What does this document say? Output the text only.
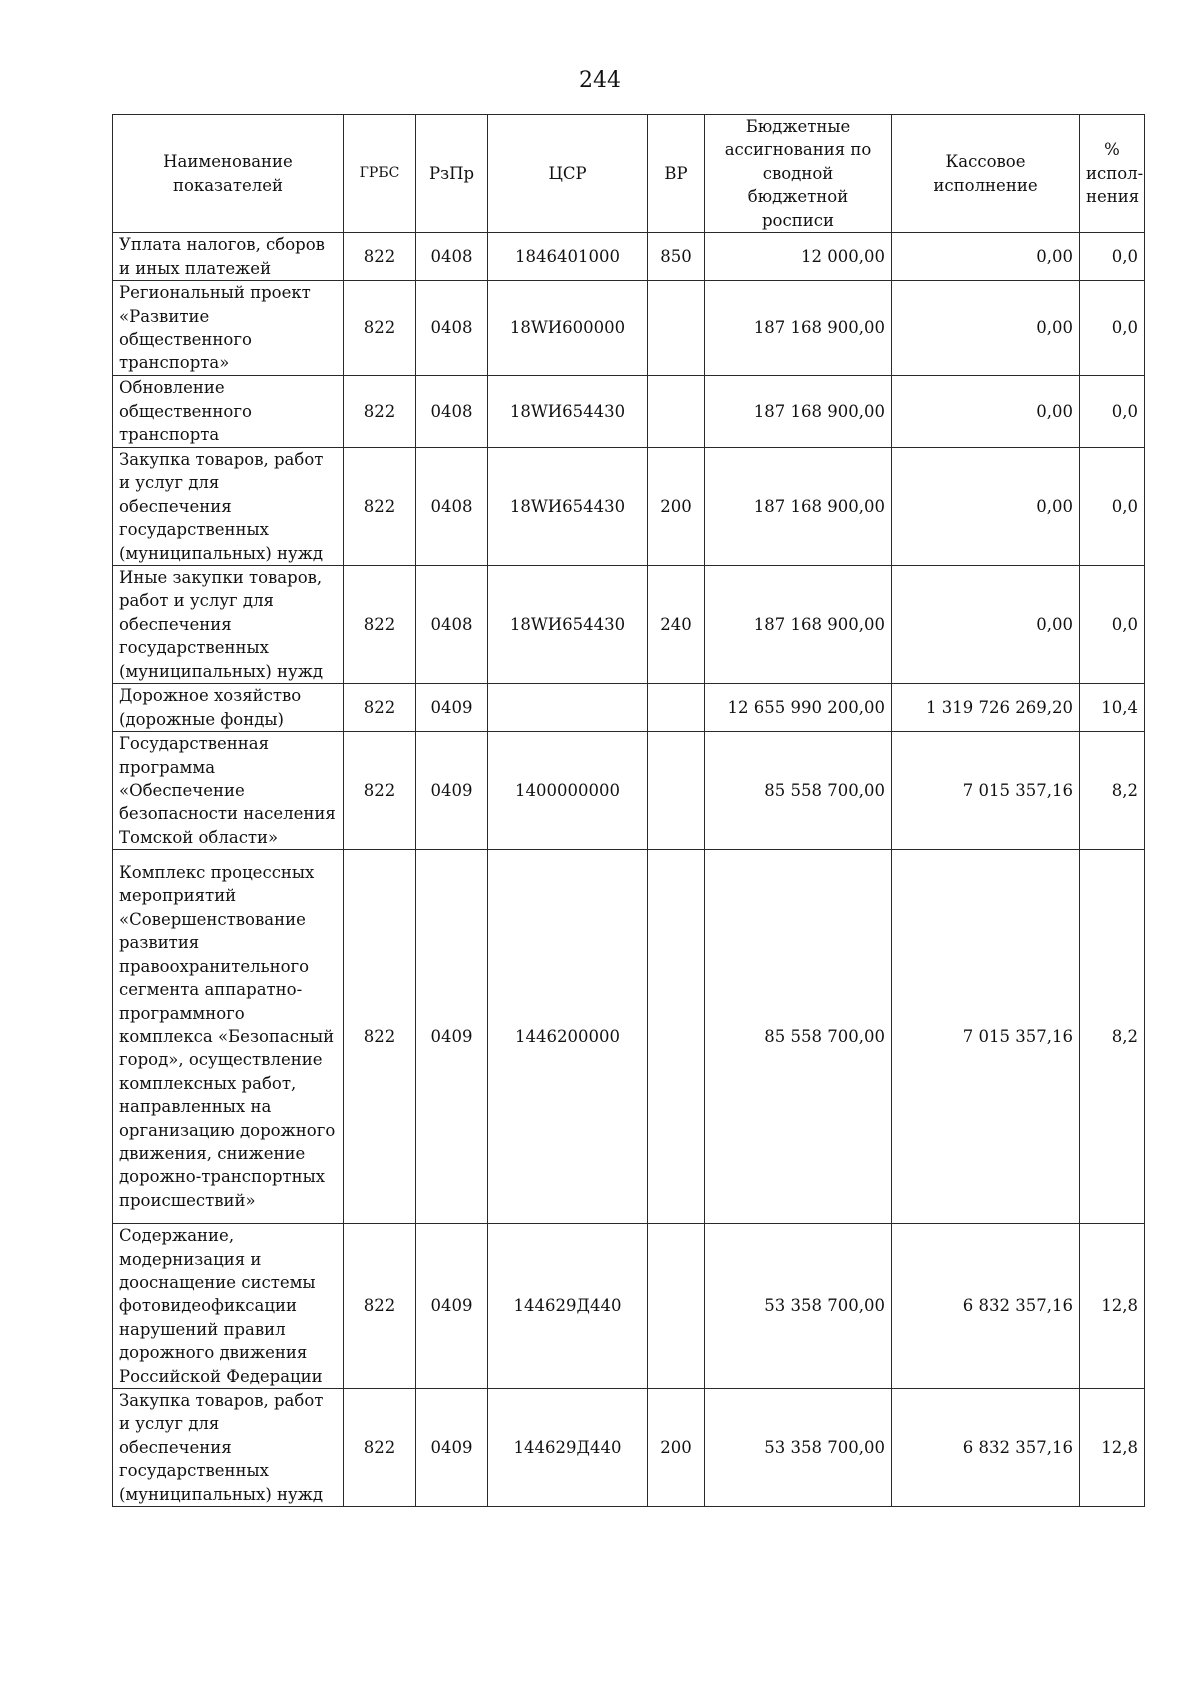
244
Наименование показателей	ГРБС	РзПр	ЦСР	ВР	Бюджетные ассигнования по сводной бюджетной росписи	Кассовое исполнение	%
испол-нения
Уплата налогов, сборов и иных платежей	822	0408	1846401000	850	12 000,00	0,00	0,0
Региональный проект «Развитие общественного транспорта»	822	0408	18WИ600000		187 168 900,00	0,00	0,0
Обновление общественного транспорта	822	0408	18WИ654430		187 168 900,00	0,00	0,0
Закупка товаров, работ и услуг для обеспечения государственных (муниципальных) нужд	822	0408	18WИ654430	200	187 168 900,00	0,00	0,0
Иные закупки товаров, работ и услуг для обеспечения государственных (муниципальных) нужд	822	0408	18WИ654430	240	187 168 900,00	0,00	0,0
Дорожное хозяйство (дорожные фонды)	822	0409			12 655 990 200,00	1 319 726 269,20	10,4
Государственная программа «Обеспечение безопасности населения Томской области»	822	0409	1400000000		85 558 700,00	7 015 357,16	8,2
Комплекс процессных мероприятий «Совершенствование развития правоохранительного сегмента аппаратно-программного комплекса «Безопасный город», осуществление комплексных работ, направленных на организацию дорожного движения, снижение дорожно-транспортных происшествий»	822	0409	1446200000		85 558 700,00	7 015 357,16	8,2
Содержание, модернизация и дооснащение системы фотовидеофиксации нарушений правил дорожного движения Российской Федерации	822	0409	144629Д440		53 358 700,00	6 832 357,16	12,8
Закупка товаров, работ и услуг для обеспечения государственных (муниципальных) нужд	822	0409	144629Д440	200	53 358 700,00	6 832 357,16	12,8
